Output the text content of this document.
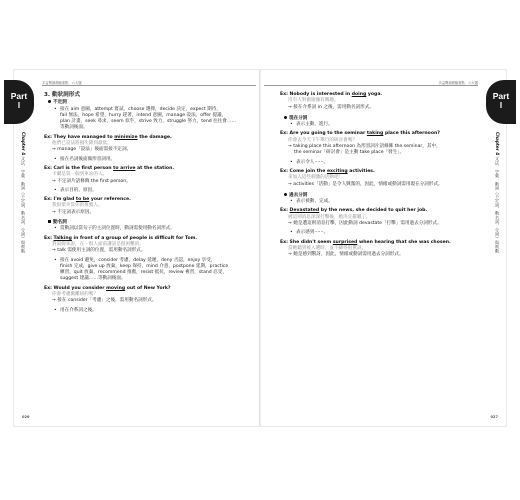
Part
I
多益閱讀測驗重點．六大題
Chapter 4 文法．字彙：動詞（不定詞、動名詞、分詞）與被動
3. 動狀詞形式
不定詞
• 接在 aim 意圖，attempt 嘗試，choose 選擇，decide 決定，expect 期待，
fail 無法，hope 希望，hurry 趕著，intend 意圖，manage 設法，offer 提議，
plan 計畫，seek 尋求，seem 似乎，strive 致力，struggle 努力，tend 往往會……
等動詞後面。
Ex: They have managed to minimize the damage.
他們已設法將損失降到最低。
→ manage「設法」後面需接不定詞。
• 接在名詞後面做形容詞用。
Ex: Carl is the first person to arrive at the station.
卡爾是第一個到車站的人。
→ 不定詞片語修飾 the first person。
• 表示目的、原因。
Ex: I'm glad to be your reference.
我很榮幸當你的推薦人。
→ 不定詞表示原因。
動名詞
• 當動詞以當句子的主詞位置時，動詞需使用動名詞形式。
Ex: Talking in front of a group of people is difficult for Tom.
對湯姆來說，在一群人面前講話是很困難的。
→ talk 需使用主詞的位置，需用動名詞形式。
• 接在 avoid 避免，consider 考慮，delay 延遲，deny 否認，enjoy 享受，
finish 完成，give up 放棄，keep 保持，mind 介意，postpone 延期，practice
練習，quit 放棄，recommend 推薦，resist 抵抗，review 複習，stand 忍受，
suggest 建議……等動詞後面。
Ex: Would you consider moving out of New York?
你會考慮搬離紐約嗎？
→ 接在 consider「考慮」之後，需用動名詞形式。
• 用在介系詞之後。
026
Part
I
多益閱讀測驗重點．六大題
Chapter 4 文法．字彙：動詞（不定詞、動名詞、分詞）與被動
Ex: Nobody is interested in doing yoga.
沒有人對做瑜伽有興趣。
→ 接在介系詞 in 之後，需用動名詞形式。
現在分詞
• 表示主動、進行。
Ex: Are you going to the seminar taking place this afternoon?
你會去今天下午舉行的研討會嗎？
→ taking place this afternoon 為形容詞片語修飾 the seminar，其中，
the seminar「研討會」是主動 take place「發生」。
• 表示令人⋯⋯。
Ex: Come join the exciting activities.
來加入這些刺激的活動吧！
→ activities「活動」是令人興奮的，因此，情緒或動詞需用現在分詞形式。
過去分詞
• 表示被動、完成。
Ex: Devastated by the news, she decided to quit her job.
被這則消息深深打擊後，她決定辭職了。
→ 她是遭這則消息打擊，因此動詞 devastate「打擊」需用過去分詞形式。
• 表示感到⋯⋯。
Ex: She didn't seem surprised when hearing that she was chosen.
當她聽到被入選時，並不顯得很驚訝。
→ 她是感到驚訝，因此，情緒或動詞需用過去分詞形式。
027
